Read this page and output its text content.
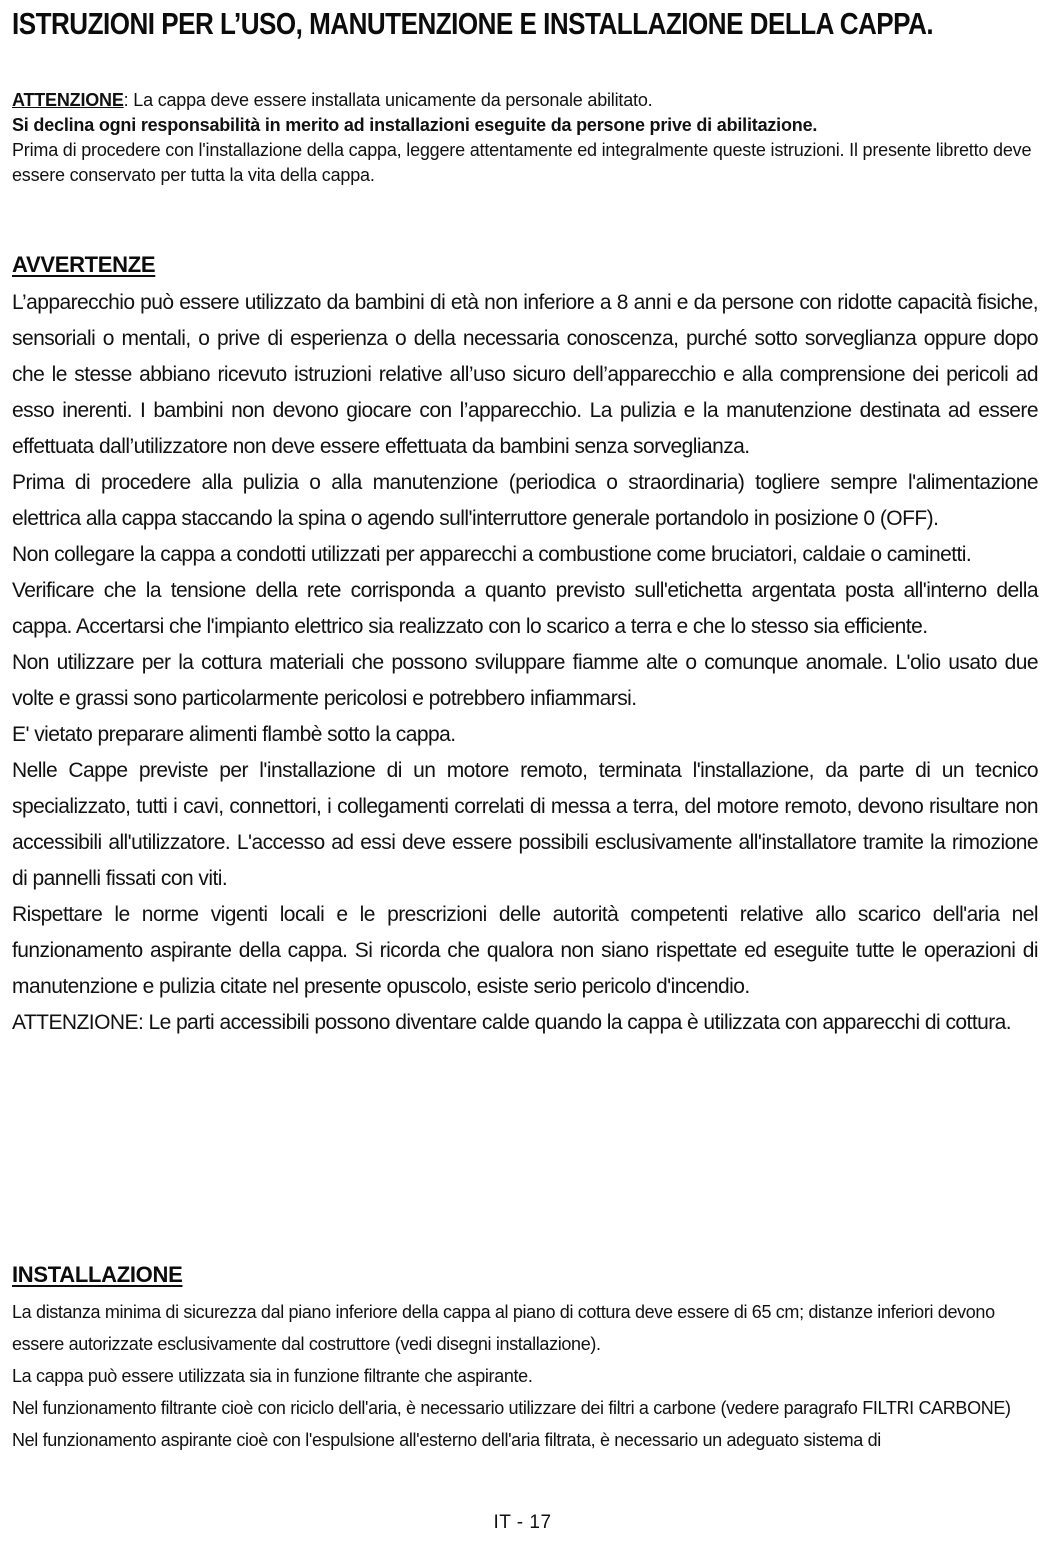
ISTRUZIONI PER L’USO, MANUTENZIONE E INSTALLAZIONE DELLA CAPPA.

ATTENZIONE: La cappa deve essere installata unicamente da personale abilitato.

Si declina ogni responsabilità in merito ad installazioni eseguite da persone prive di abilitazione.

Prima di procedere con l'installazione della cappa, leggere attentamente ed integralmente queste istruzioni. Il presente libretto deve essere conservato per tutta la vita della cappa.

AVVERTENZE

L’apparecchio può essere utilizzato da bambini di età non inferiore a 8 anni e da persone con ridotte capacità fisiche, sensoriali o mentali, o prive di esperienza o della necessaria conoscenza, purché sotto sorveglianza oppure dopo che le stesse abbiano ricevuto istruzioni relative all’uso sicuro dell’apparecchio e alla comprensione dei pericoli ad esso inerenti. I bambini non devono giocare con l’apparecchio. La pulizia e la manutenzione destinata ad essere effettuata dall’utilizzatore non deve essere effettuata da bambini senza sorveglianza.

Prima di procedere alla pulizia o alla manutenzione (periodica o straordinaria) togliere sempre l'alimentazione elettrica alla cappa staccando la spina o agendo sull'interruttore generale portandolo in posizione 0 (OFF).

Non collegare la cappa a condotti utilizzati per apparecchi a combustione come bruciatori, caldaie o caminetti.

Verificare che la tensione della rete corrisponda a quanto previsto sull'etichetta argentata posta all'interno della cappa. Accertarsi che l'impianto elettrico sia realizzato con lo scarico a terra e che lo stesso sia efficiente.

Non utilizzare per la cottura materiali che possono sviluppare fiamme alte o comunque anomale. L'olio usato due volte e grassi sono particolarmente pericolosi e potrebbero infiammarsi.

E' vietato preparare alimenti flambè sotto la cappa.

Nelle Cappe previste per l'installazione di un motore remoto, terminata l'installazione, da parte di un tecnico specializzato, tutti i cavi, connettori, i collegamenti correlati di messa a terra, del motore remoto, devono risultare non accessibili all'utilizzatore. L'accesso ad essi deve essere possibili esclusivamente all'installatore tramite la rimozione di pannelli fissati con viti.

Rispettare le norme vigenti locali e le prescrizioni delle autorità competenti relative allo scarico dell'aria nel funzionamento aspirante della cappa. Si ricorda che qualora non siano rispettate ed eseguite tutte le operazioni di manutenzione e pulizia citate nel presente opuscolo, esiste serio pericolo d'incendio.

ATTENZIONE: Le parti accessibili possono diventare calde quando la cappa è utilizzata con apparecchi di cottura.

INSTALLAZIONE

La distanza minima di sicurezza dal piano inferiore della cappa al piano di cottura deve essere di 65 cm; distanze inferiori devono essere autorizzate esclusivamente dal costruttore (vedi disegni installazione).

La cappa può essere utilizzata sia in funzione filtrante che aspirante.

Nel funzionamento filtrante cioè con riciclo dell'aria, è necessario utilizzare dei filtri a carbone (vedere paragrafo FILTRI CARBONE)

Nel funzionamento aspirante cioè con l'espulsione all'esterno dell'aria filtrata, è necessario un adeguato sistema di

IT - 17
